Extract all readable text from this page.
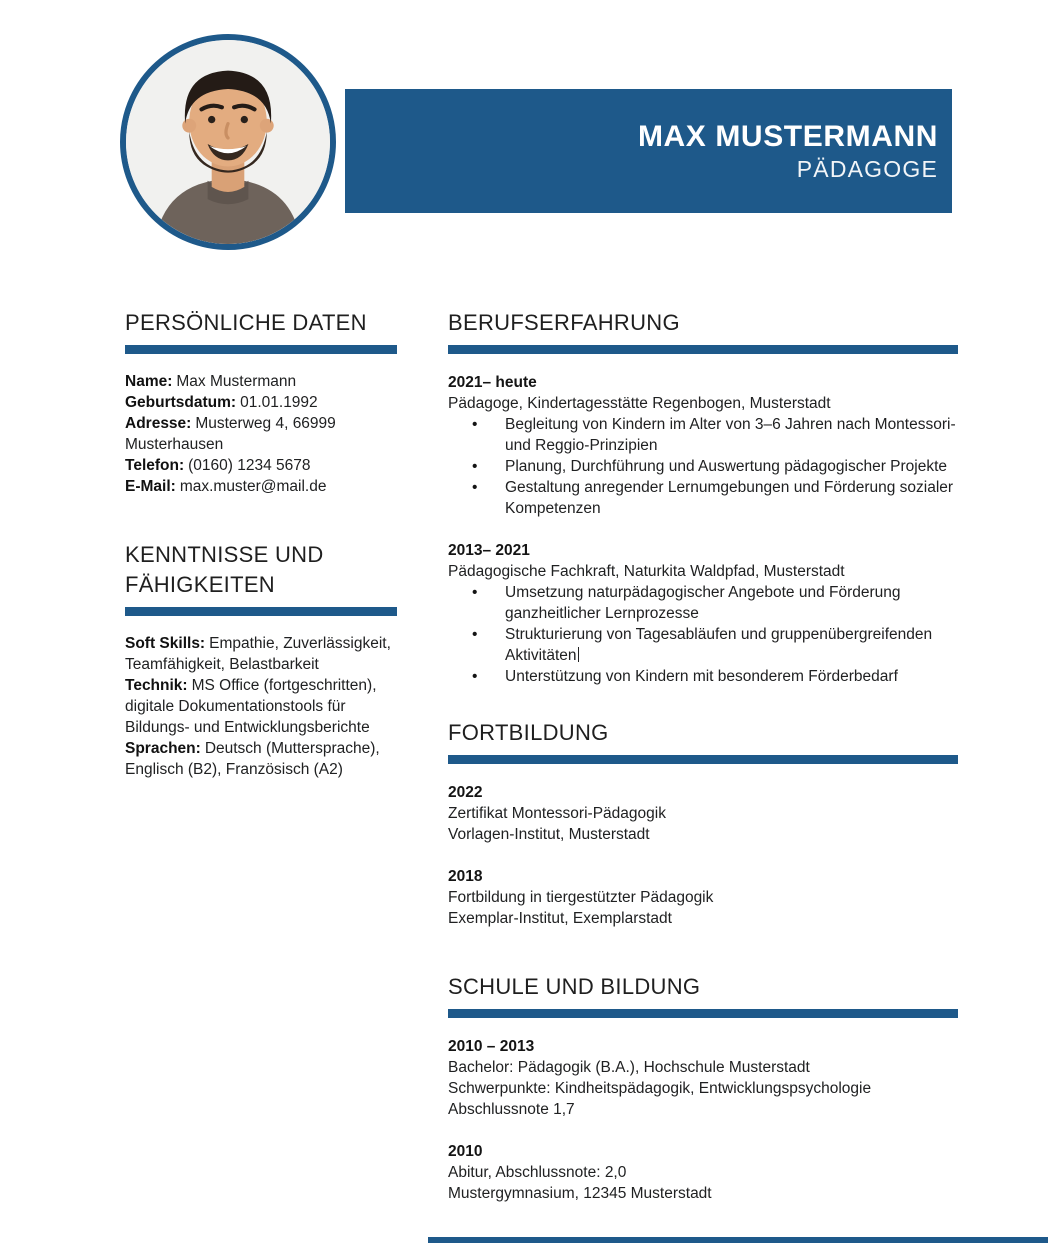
MAX MUSTERMANN
PÄDAGOGE
PERSÖNLICHE DATEN
Name: Max Mustermann
Geburtsdatum: 01.01.1992
Adresse: Musterweg 4, 66999 Musterhausen
Telefon: (0160) 1234 5678
E-Mail: max.muster@mail.de
KENNTNISSE UND FÄHIGKEITEN
Soft Skills: Empathie, Zuverlässigkeit, Teamfähigkeit, Belastbarkeit
Technik: MS Office (fortgeschritten), digitale Dokumentationstools für Bildungs- und Entwicklungsberichte
Sprachen: Deutsch (Muttersprache), Englisch (B2), Französisch (A2)
BERUFSERFAHRUNG
2021– heute
Pädagoge, Kindertagesstätte Regenbogen, Musterstadt
• Begleitung von Kindern im Alter von 3–6 Jahren nach Montessori- und Reggio-Prinzipien
• Planung, Durchführung und Auswertung pädagogischer Projekte
• Gestaltung anregender Lernumgebungen und Förderung sozialer Kompetenzen
2013– 2021
Pädagogische Fachkraft, Naturkita Waldpfad, Musterstadt
• Umsetzung naturpädagogischer Angebote und Förderung ganzheitlicher Lernprozesse
• Strukturierung von Tagesabläufen und gruppenübergreifenden Aktivitäten
• Unterstützung von Kindern mit besonderem Förderbedarf
FORTBILDUNG
2022
Zertifikat Montessori-Pädagogik
Vorlagen-Institut, Musterstadt
2018
Fortbildung in tiergestützter Pädagogik
Exemplar-Institut, Exemplarstadt
SCHULE UND BILDUNG
2010 – 2013
Bachelor: Pädagogik (B.A.), Hochschule Musterstadt
Schwerpunkte: Kindheitspädagogik, Entwicklungspsychologie
Abschlussnote 1,7
2010
Abitur, Abschlussnote: 2,0
Mustergymnasium, 12345 Musterstadt
